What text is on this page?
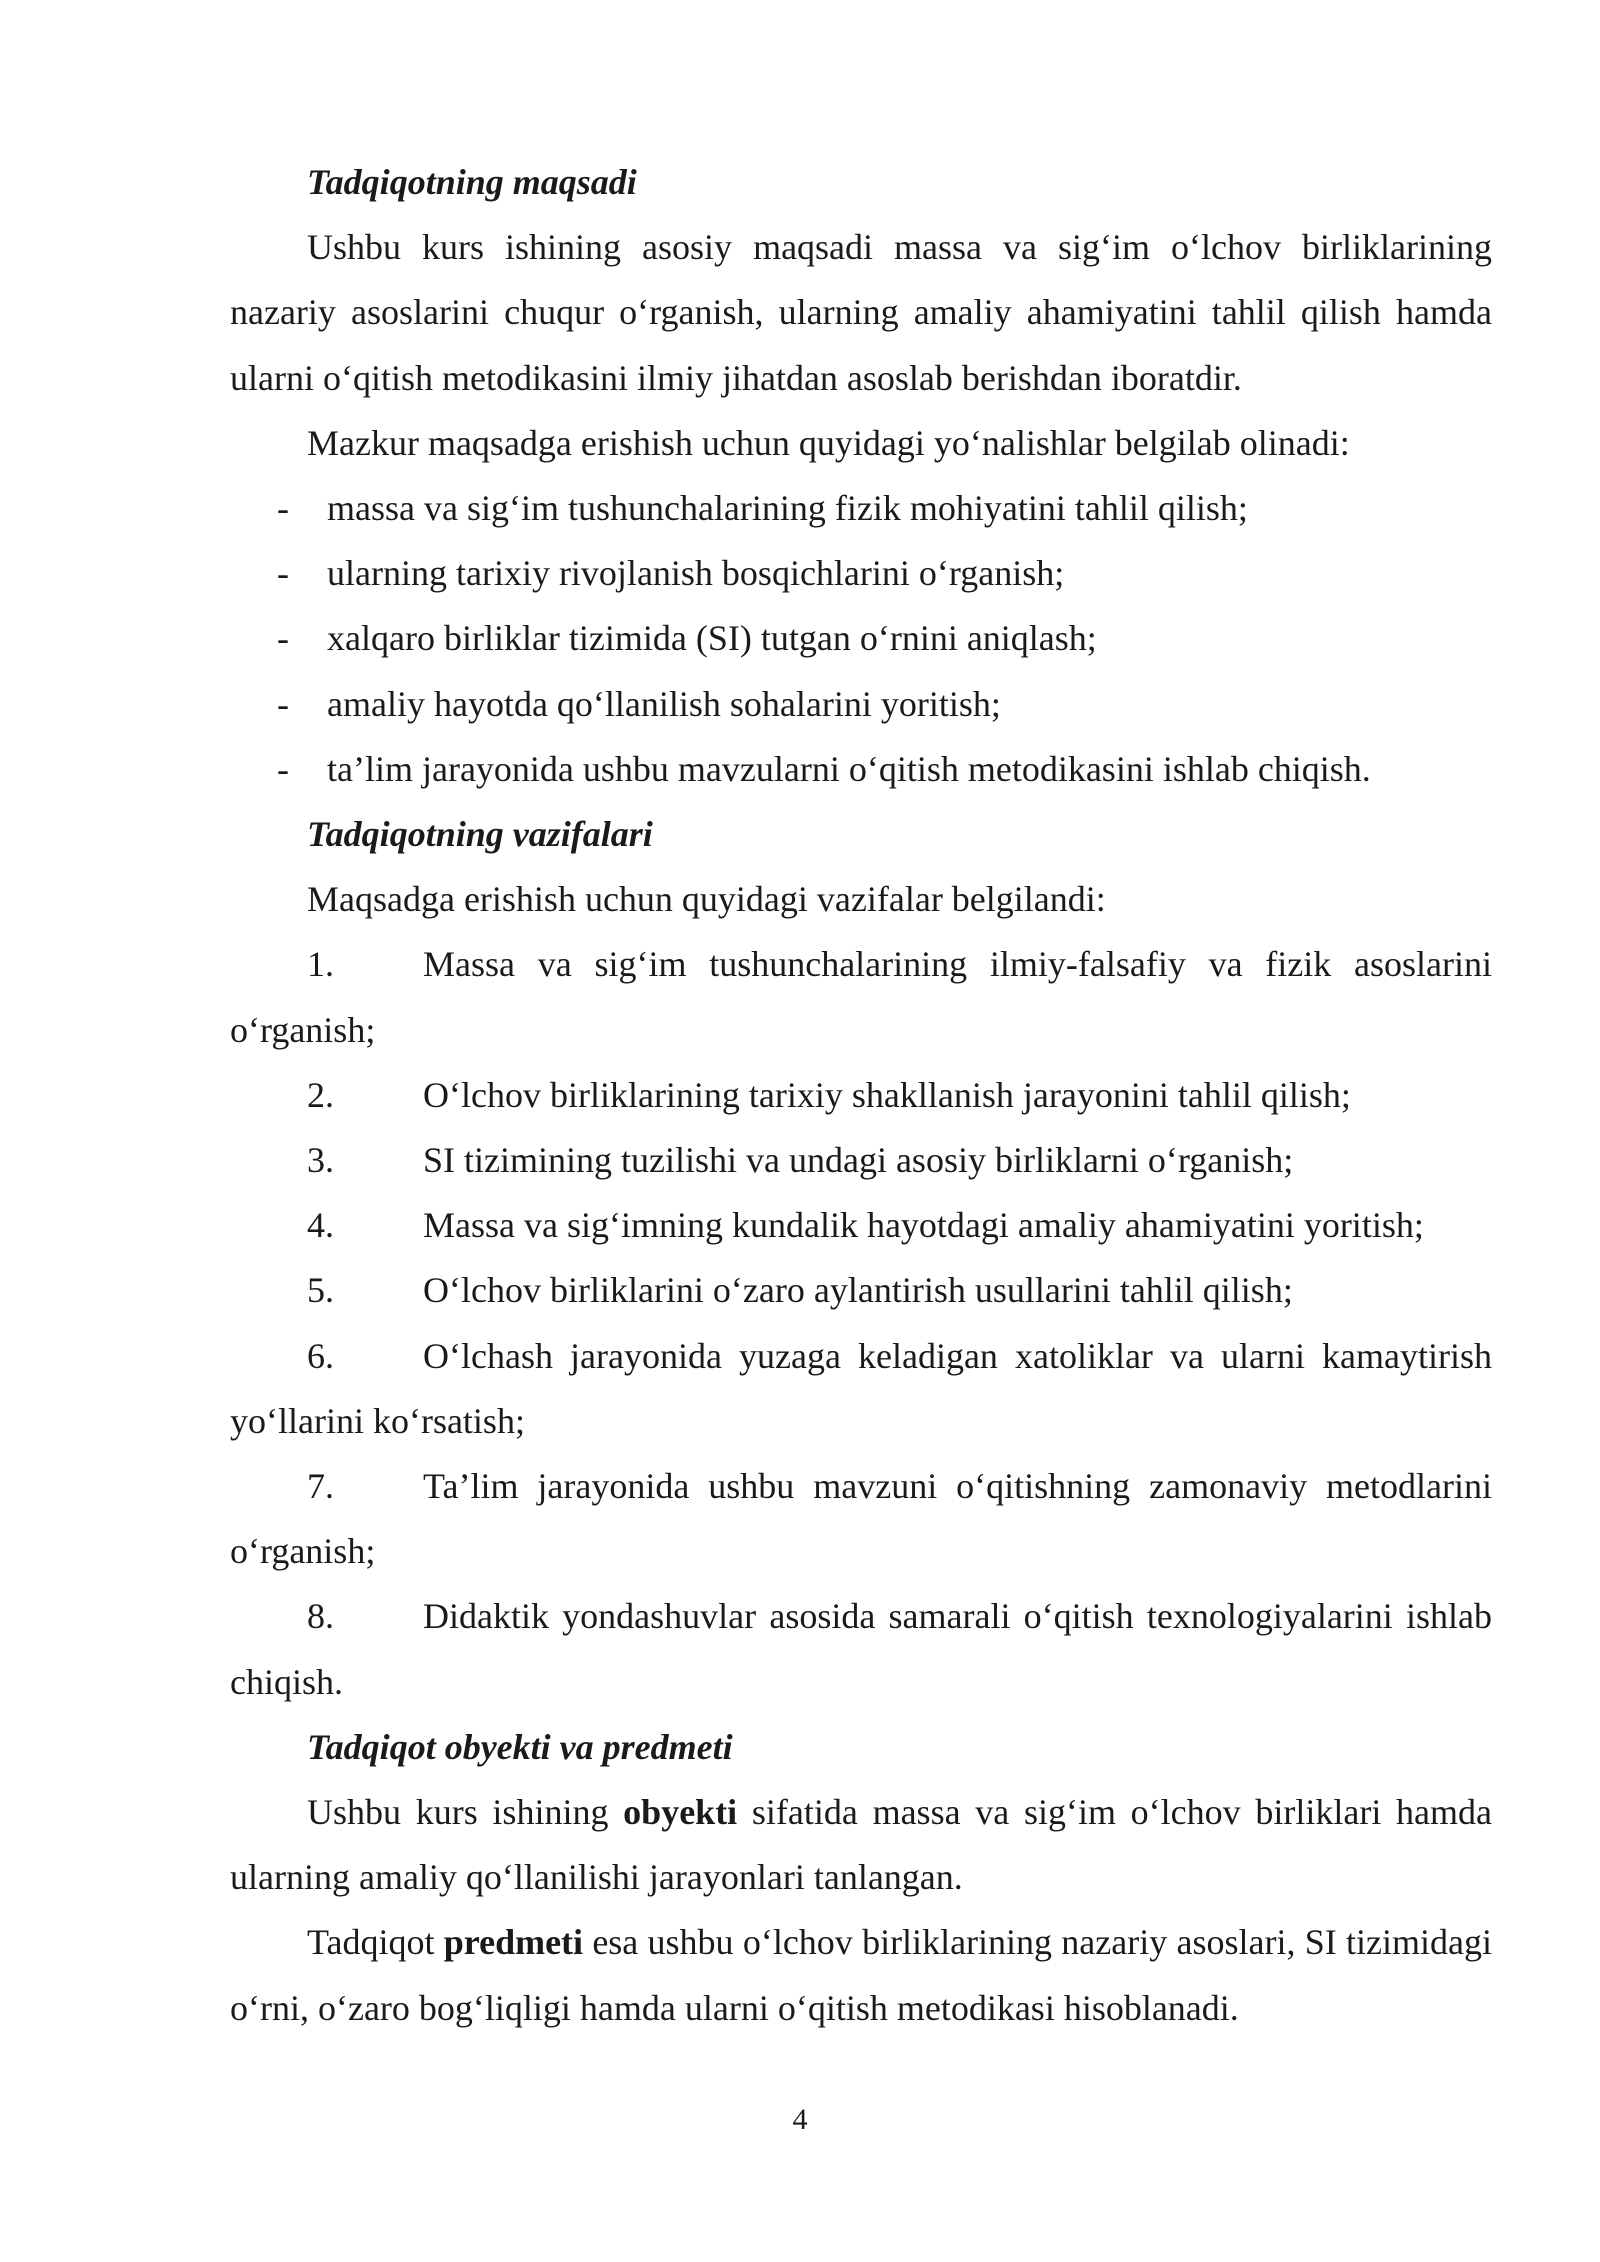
Tadqiqotning maqsadi

Ushbu kurs ishining asosiy maqsadi massa va sig‘im o‘lchov birliklarining nazariy asoslarini chuqur o‘rganish, ularning amaliy ahamiyatini tahlil qilish hamda ularni o‘qitish metodikasini ilmiy jihatdan asoslab berishdan iboratdir.

Mazkur maqsadga erishish uchun quyidagi yo‘nalishlar belgilab olinadi:

- massa va sig‘im tushunchalarining fizik mohiyatini tahlil qilish;
- ularning tarixiy rivojlanish bosqichlarini o‘rganish;
- xalqaro birliklar tizimida (SI) tutgan o‘rnini aniqlash;
- amaliy hayotda qo‘llanilish sohalarini yoritish;
- ta’lim jarayonida ushbu mavzularni o‘qitish metodikasini ishlab chiqish.

Tadqiqotning vazifalari

Maqsadga erishish uchun quyidagi vazifalar belgilandi:

1. Massa va sig‘im tushunchalarining ilmiy-falsafiy va fizik asoslarini o‘rganish;
2. O‘lchov birliklarining tarixiy shakllanish jarayonini tahlil qilish;
3. SI tizimining tuzilishi va undagi asosiy birliklarni o‘rganish;
4. Massa va sig‘imning kundalik hayotdagi amaliy ahamiyatini yoritish;
5. O‘lchov birliklarini o‘zaro aylantirish usullarini tahlil qilish;
6. O‘lchash jarayonida yuzaga keladigan xatoliklar va ularni kamaytirish yo‘llarini ko‘rsatish;
7. Ta’lim jarayonida ushbu mavzuni o‘qitishning zamonaviy metodlarini o‘rganish;
8. Didaktik yondashuvlar asosida samarali o‘qitish texnologiyalarini ishlab chiqish.

Tadqiqot obyekti va predmeti

Ushbu kurs ishining obyekti sifatida massa va sig‘im o‘lchov birliklari hamda ularning amaliy qo‘llanilishi jarayonlari tanlangan.

Tadqiqot predmeti esa ushbu o‘lchov birliklarining nazariy asoslari, SI tizimidagi o‘rni, o‘zaro bog‘liqligi hamda ularni o‘qitish metodikasi hisoblanadi.

4
